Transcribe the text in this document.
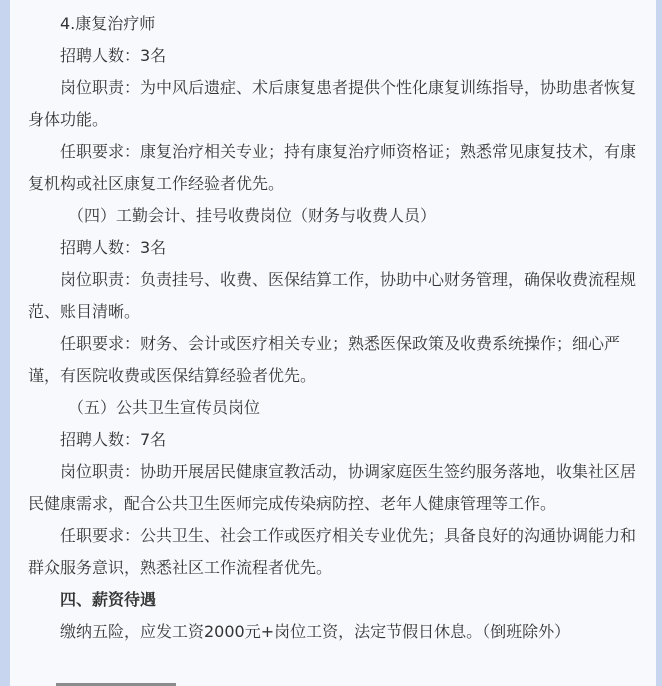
4.康复治疗师

招聘人数：3名

岗位职责：为中风后遗症、术后康复患者提供个性化康复训练指导，协助患者恢复身体功能。

任职要求：康复治疗相关专业；持有康复治疗师资格证；熟悉常见康复技术，有康复机构或社区康复工作经验者优先。

（四）工勤会计、挂号收费岗位（财务与收费人员）

招聘人数：3名

岗位职责：负责挂号、收费、医保结算工作，协助中心财务管理，确保收费流程规范、账目清晰。

任职要求：财务、会计或医疗相关专业；熟悉医保政策及收费系统操作；细心严谨，有医院收费或医保结算经验者优先。

（五）公共卫生宣传员岗位

招聘人数：7名

岗位职责：协助开展居民健康宣教活动，协调家庭医生签约服务落地，收集社区居民健康需求，配合公共卫生医师完成传染病防控、老年人健康管理等工作。

任职要求：公共卫生、社会工作或医疗相关专业优先；具备良好的沟通协调能力和群众服务意识，熟悉社区工作流程者优先。

四、薪资待遇

缴纳五险，应发工资2000元+岗位工资，法定节假日休息。（倒班除外）
